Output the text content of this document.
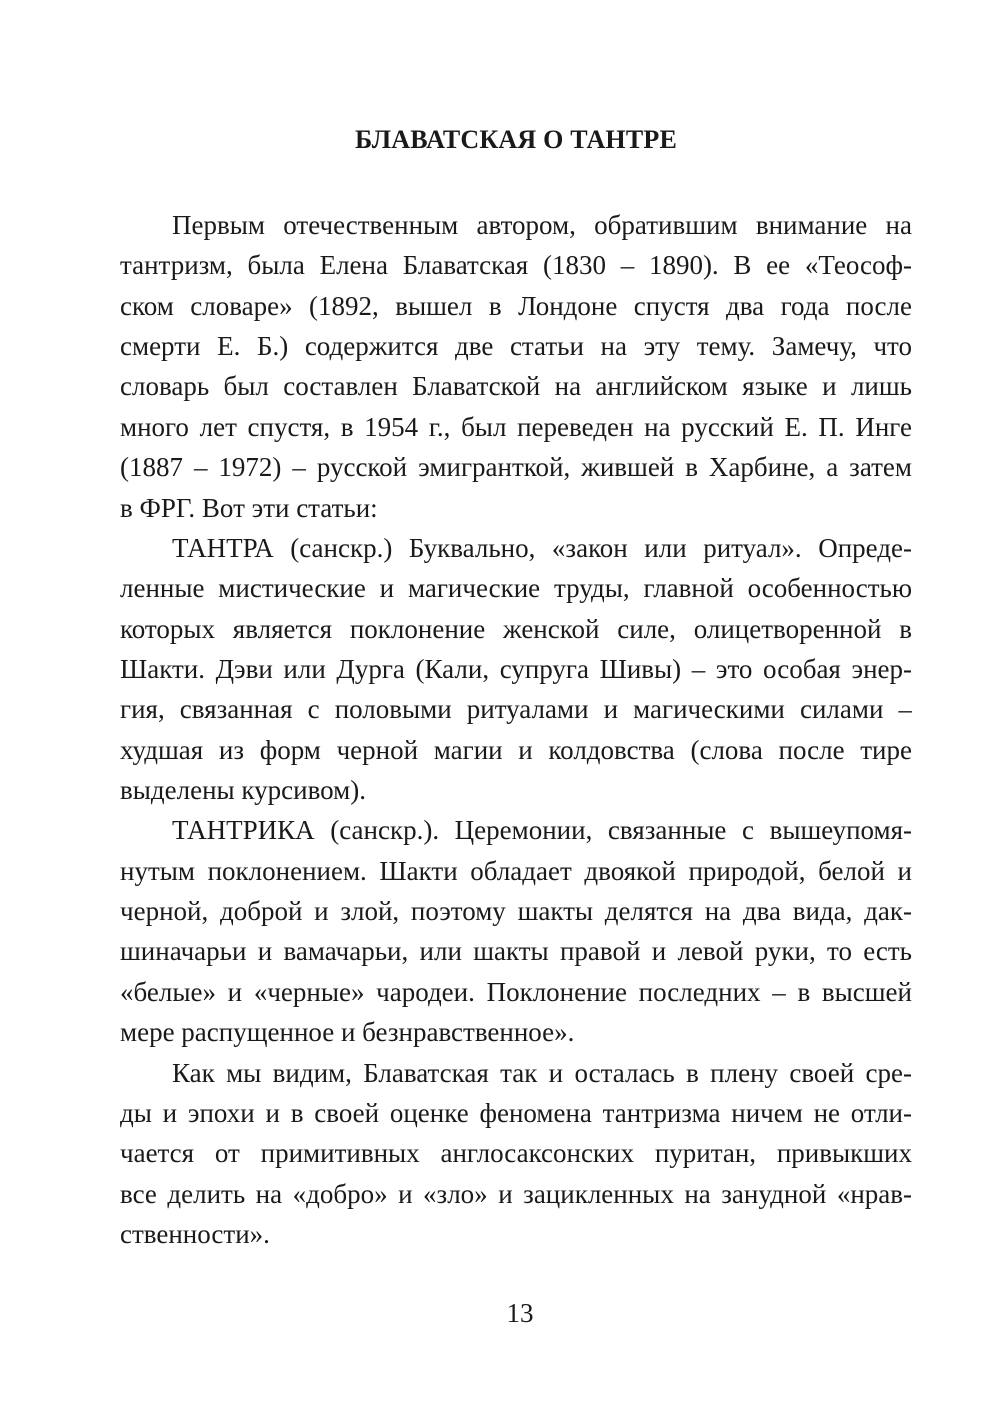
БЛАВАТСКАЯ О ТАНТРЕ
Первым отечественным автором, обратившим внимание на
тантризм, была Елена Блаватская (1830 – 1890). В ее «Теософ-
ском словаре» (1892, вышел в Лондоне спустя два года после
смерти Е. Б.) содержится две статьи на эту тему. Замечу, что
словарь был составлен Блаватской на английском языке и лишь
много лет спустя, в 1954 г., был переведен на русский Е. П. Инге
(1887 – 1972) – русской эмигранткой, жившей в Харбине, а затем
в ФРГ. Вот эти статьи:
ТАНТРА (санскр.) Буквально, «закон или ритуал». Опреде-
ленные мистические и магические труды, главной особенностью
которых является поклонение женской силе, олицетворенной в
Шакти. Дэви или Дурга (Кали, супруга Шивы) – это особая энер-
гия, связанная с половыми ритуалами и магическими силами –
худшая из форм черной магии и колдовства (слова после тире
выделены курсивом).
ТАНТРИКА (санскр.). Церемонии, связанные с вышеупомя-
нутым поклонением. Шакти обладает двоякой природой, белой и
черной, доброй и злой, поэтому шакты делятся на два вида, дак-
шиначарьи и вамачарьи, или шакты правой и левой руки, то есть
«белые» и «черные» чародеи. Поклонение последних – в высшей
мере распущенное и безнравственное».
Как мы видим, Блаватская так и осталась в плену своей сре-
ды и эпохи и в своей оценке феномена тантризма ничем не отли-
чается от примитивных англосаксонских пуритан, привыкших
все делить на «добро» и «зло» и зацикленных на занудной «нрав-
ственности».
13
